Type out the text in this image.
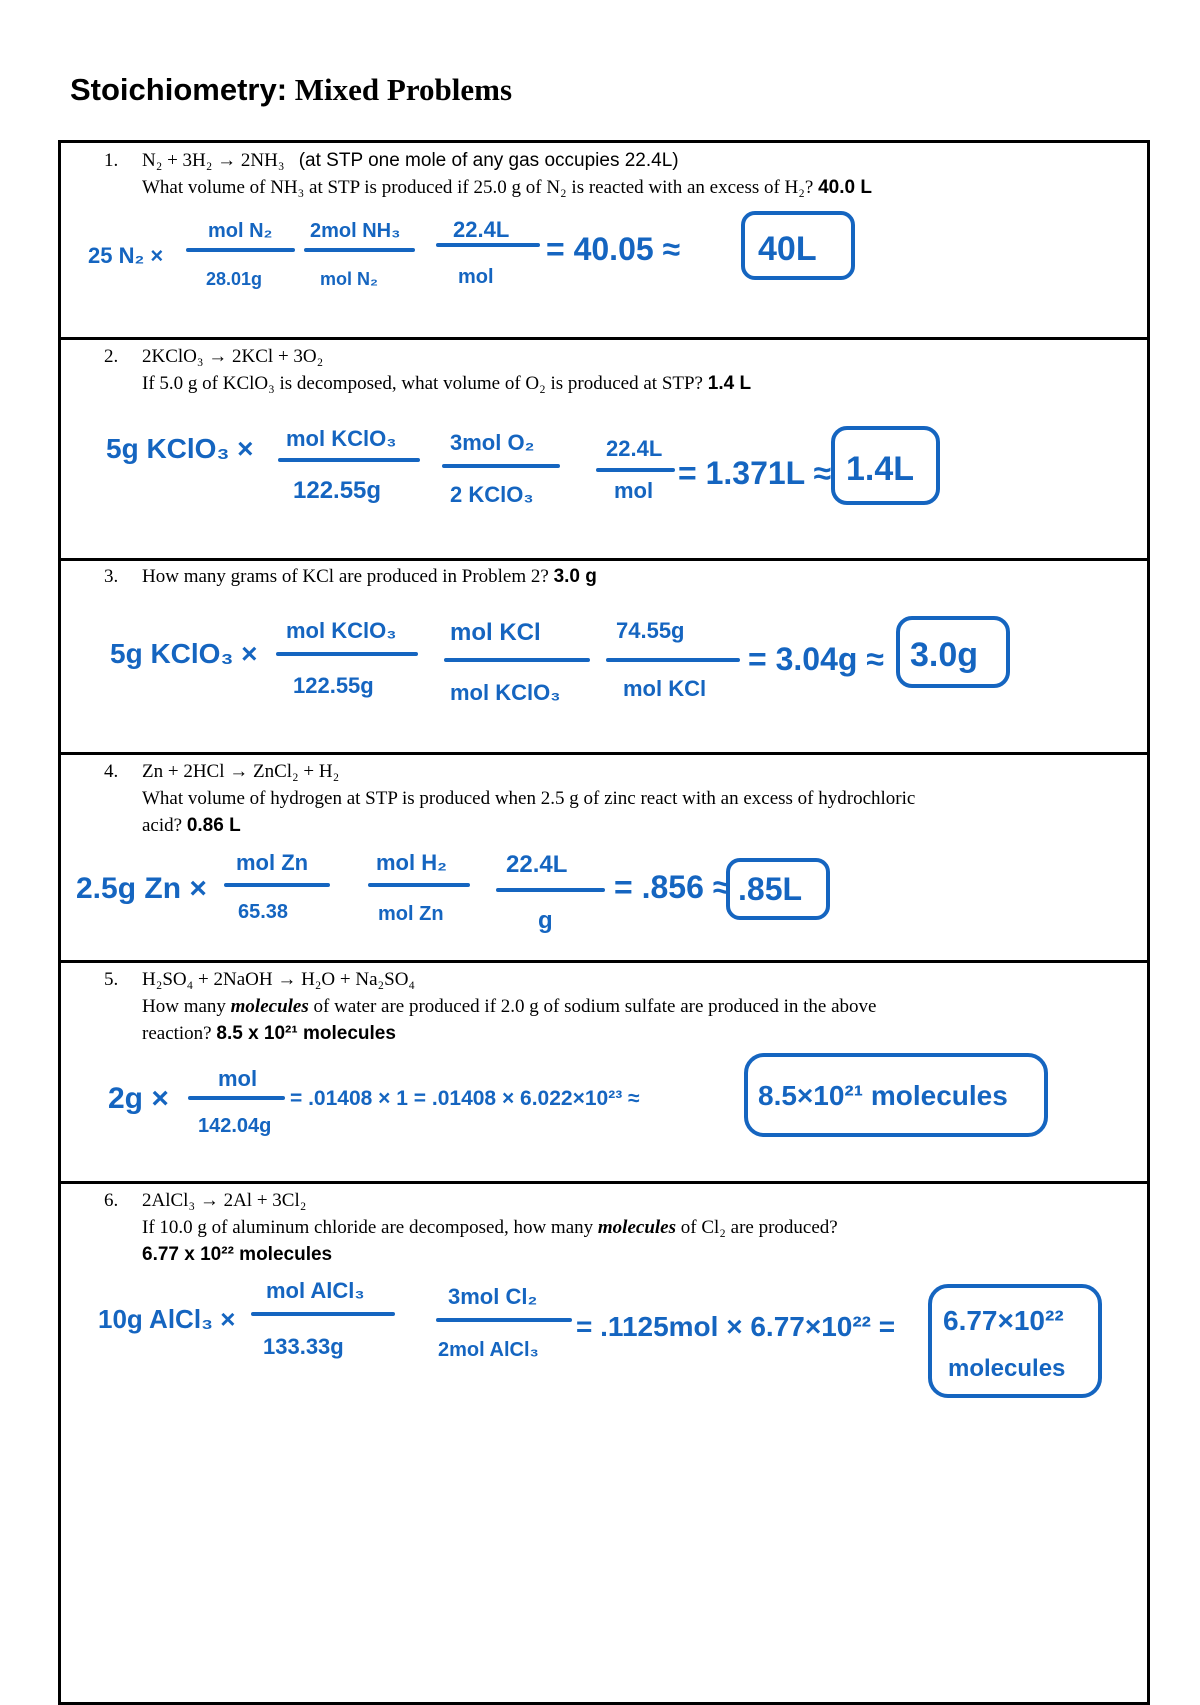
Stoichiometry: Mixed Problems
1. N₂ + 3H₂ → 2NH₃ (at STP one mole of any gas occupies 22.4L)
What volume of NH₃ at STP is produced if 25.0 g of N₂ is reacted with an excess of H₂? 40.0 L
2. 2KClO₃ → 2KCl + 3O₂
If 5.0 g of KClO₃ is decomposed, what volume of O₂ is produced at STP? 1.4 L
3. How many grams of KCl are produced in Problem 2? 3.0 g
4. Zn + 2HCl → ZnCl₂ + H₂
What volume of hydrogen at STP is produced when 2.5 g of zinc react with an excess of hydrochloric
acid? 0.86 L
5. H₂SO₄ + 2NaOH → H₂O + Na₂SO₄
How many molecules of water are produced if 2.0 g of sodium sulfate are produced in the above
reaction? 8.5 x 10²¹ molecules
6. 2AlCl₃ → 2Al + 3Cl₂
If 10.0 g of aluminum chloride are decomposed, how many molecules of Cl₂ are produced?
6.77 x 10²² molecules
25 N₂ ×
mol N₂
28.01g
2mol NH₃
mol N₂
22.4L
mol
= 40.05 ≈ 40L
5g KClO₃ × mol KClO₃
122.55g
3mol O₂
2 KClO₃
22.4L
mol = 1.371L ≈ 1.4L
5g KClO₃ ×
mol KClO₃
122.55g
mol KCl
mol KClO₃
74.55g
mol KCl
= 3.04g ≈ 3.0g
2.5g Zn ×
mol Zn
65.38
mol H₂
mol Zn
22.4L
g
= .856 ≈ .85L
2g ×
mol
142.04g
= .01408 × 1 = .01408 × 6.022×10²³ ≈	8.5×10²¹ molecules
10g AlCl₃ ×
mol AlCl₃
133.33g
3mol Cl₂
2mol AlCl₃
= .1125mol × 6.77×10²² = 6.77×10²²
molecules
